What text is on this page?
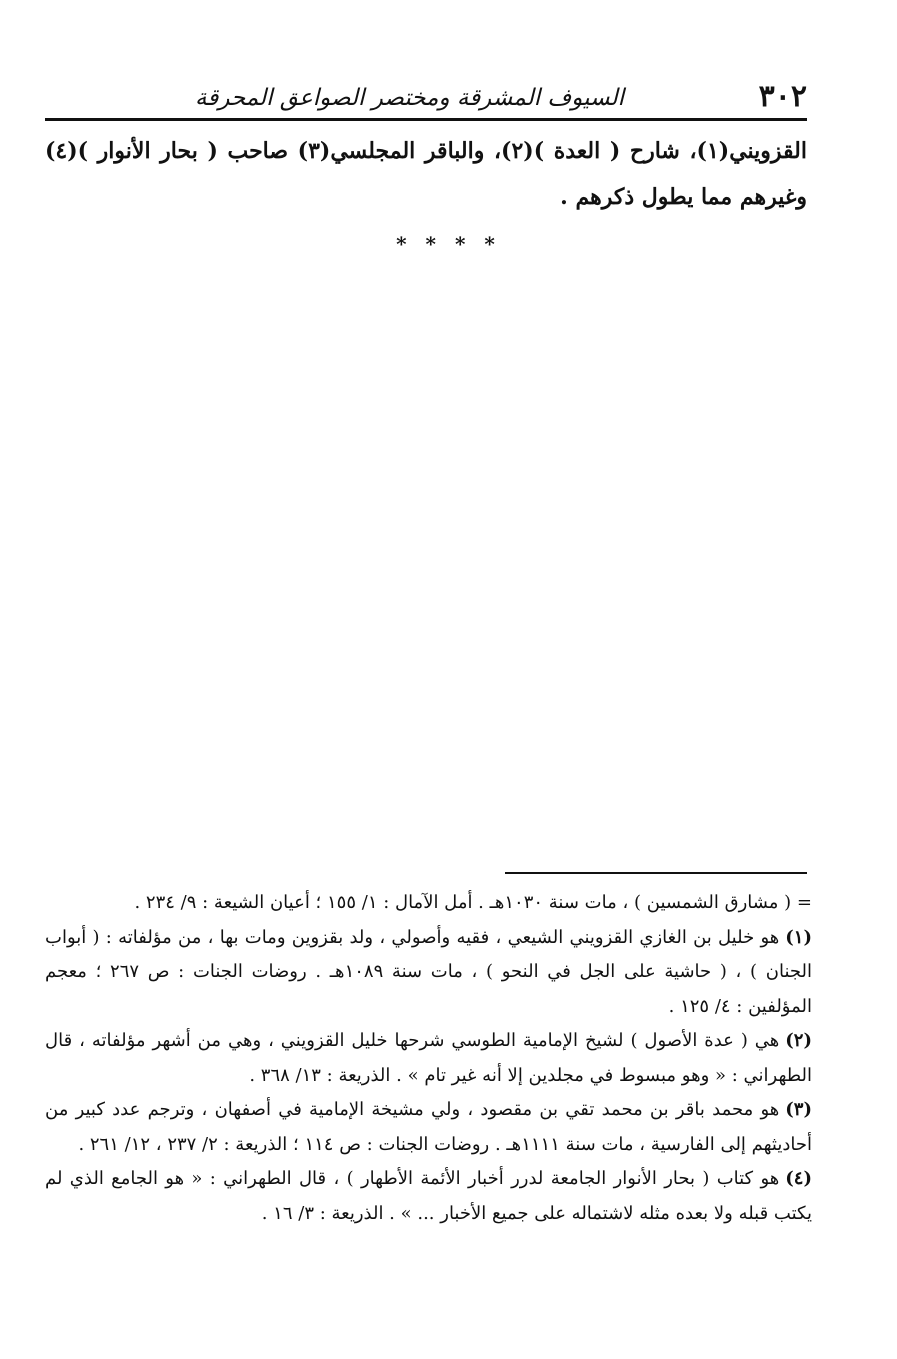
٣٠٢
السيوف المشرقة ومختصر الصواعق المحرقة

القزويني(١)، شارح ( العدة )(٢)، والباقر المجلسي(٣) صاحب ( بحار الأنوار )(٤) وغيرهم مما يطول ذكرهم .

* * * *

= ( مشارق الشمسين ) ، مات سنة ١٠٣٠هـ . أمل الآمال : ١/ ١٥٥ ؛ أعيان الشيعة : ٩/ ٢٣٤ .

(١)هو خليل بن الغازي القزويني الشيعي ، فقيه وأصولي ، ولد بقزوين ومات بها ، من مؤلفاته : ( أبواب الجنان ) ، ( حاشية على الجل في النحو ) ، مات سنة ١٠٨٩هـ . روضات الجنات : ص ٢٦٧ ؛ معجم المؤلفين : ٤/ ١٢٥ .

(٢)هي ( عدة الأصول ) لشيخ الإمامية الطوسي شرحها خليل القزويني ، وهي من أشهر مؤلفاته ، قال الطهراني : « وهو مبسوط في مجلدين إلا أنه غير تام » . الذريعة : ١٣/ ٣٦٨ .

(٣)هو محمد باقر بن محمد تقي بن مقصود ، ولي مشيخة الإمامية في أصفهان ، وترجم عدد كبير من أحاديثهم إلى الفارسية ، مات سنة ١١١١هـ . روضات الجنات : ص ١١٤ ؛ الذريعة : ٢/ ٢٣٧ ، ١٢/ ٢٦١ .

(٤)هو كتاب ( بحار الأنوار الجامعة لدرر أخبار الأئمة الأطهار ) ، قال الطهراني : « هو الجامع الذي لم يكتب قبله ولا بعده مثله لاشتماله على جميع الأخبار ... » . الذريعة : ٣/ ١٦ .
